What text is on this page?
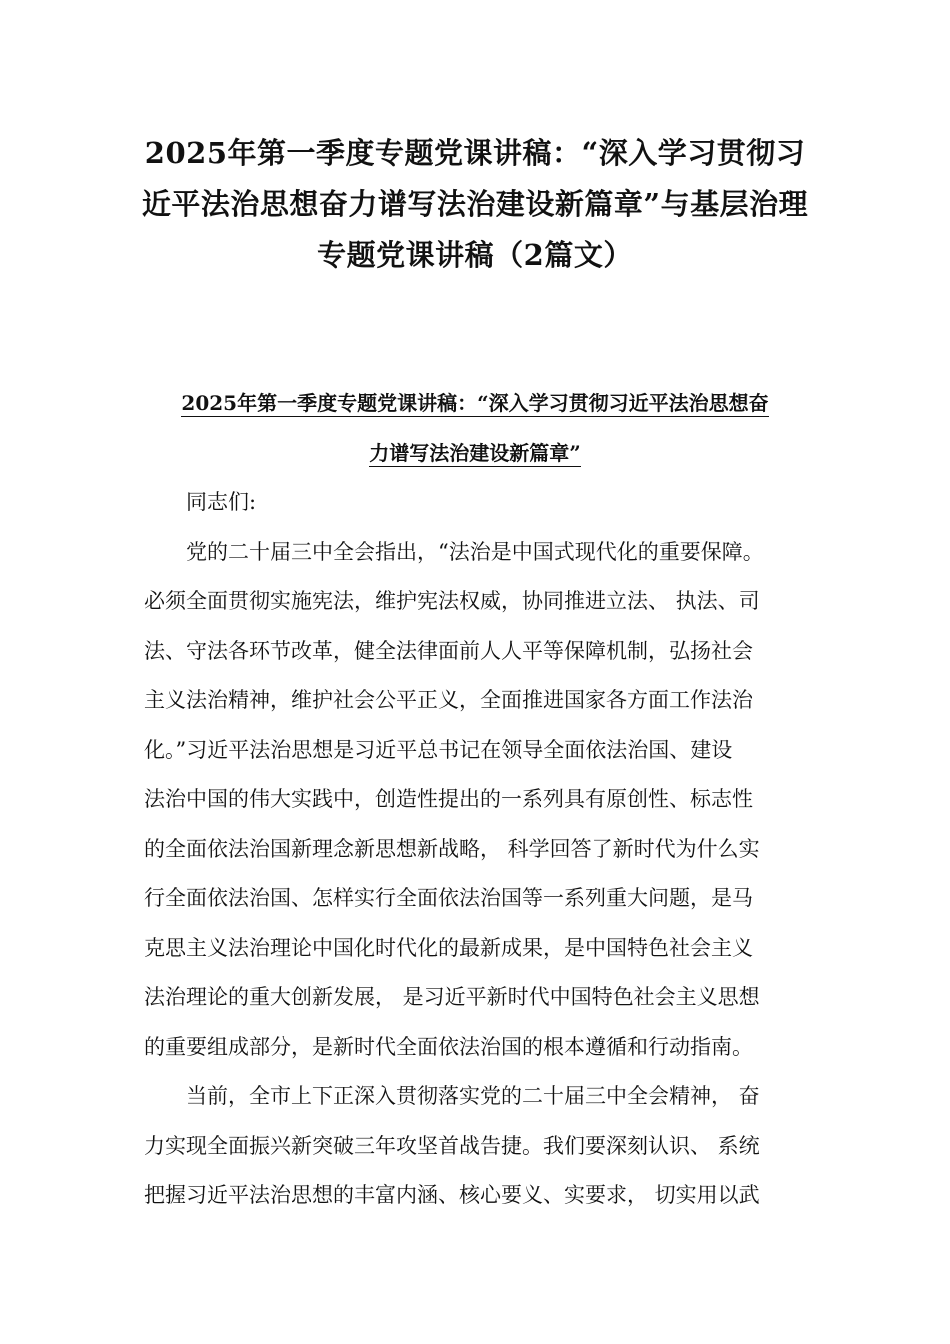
2025年第一季度专题党课讲稿：“深入学习贯彻习
近平法治思想奋力谱写法治建设新篇章”与基层治理
专题党课讲稿（2篇文）
2025年第一季度专题党课讲稿：“深入学习贯彻习近平法治思想奋
力谱写法治建设新篇章”
同志们:
党的二十届三中全会指出，“法治是中国式现代化的重要保障。
必须全面贯彻实施宪法，维护宪法权威，协同推进立法、 执法、司
法、守法各环节改革，健全法律面前人人平等保障机制，弘扬社会
主义法治精神，维护社会公平正义，全面推进国家各方面工作法治
化。”习近平法治思想是习近平总书记在领导全面依法治国、建设
法治中国的伟大实践中，创造性提出的一系列具有原创性、标志性
的全面依法治国新理念新思想新战略， 科学回答了新时代为什么实
行全面依法治国、怎样实行全面依法治国等一系列重大问题，是马
克思主义法治理论中国化时代化的最新成果，是中国特色社会主义
法治理论的重大创新发展， 是习近平新时代中国特色社会主义思想
的重要组成部分，是新时代全面依法治国的根本遵循和行动指南。
当前，全市上下正深入贯彻落实党的二十届三中全会精神， 奋
力实现全面振兴新突破三年攻坚首战告捷。我们要深刻认识、 系统
把握习近平法治思想的丰富内涵、核心要义、实要求， 切实用以武
